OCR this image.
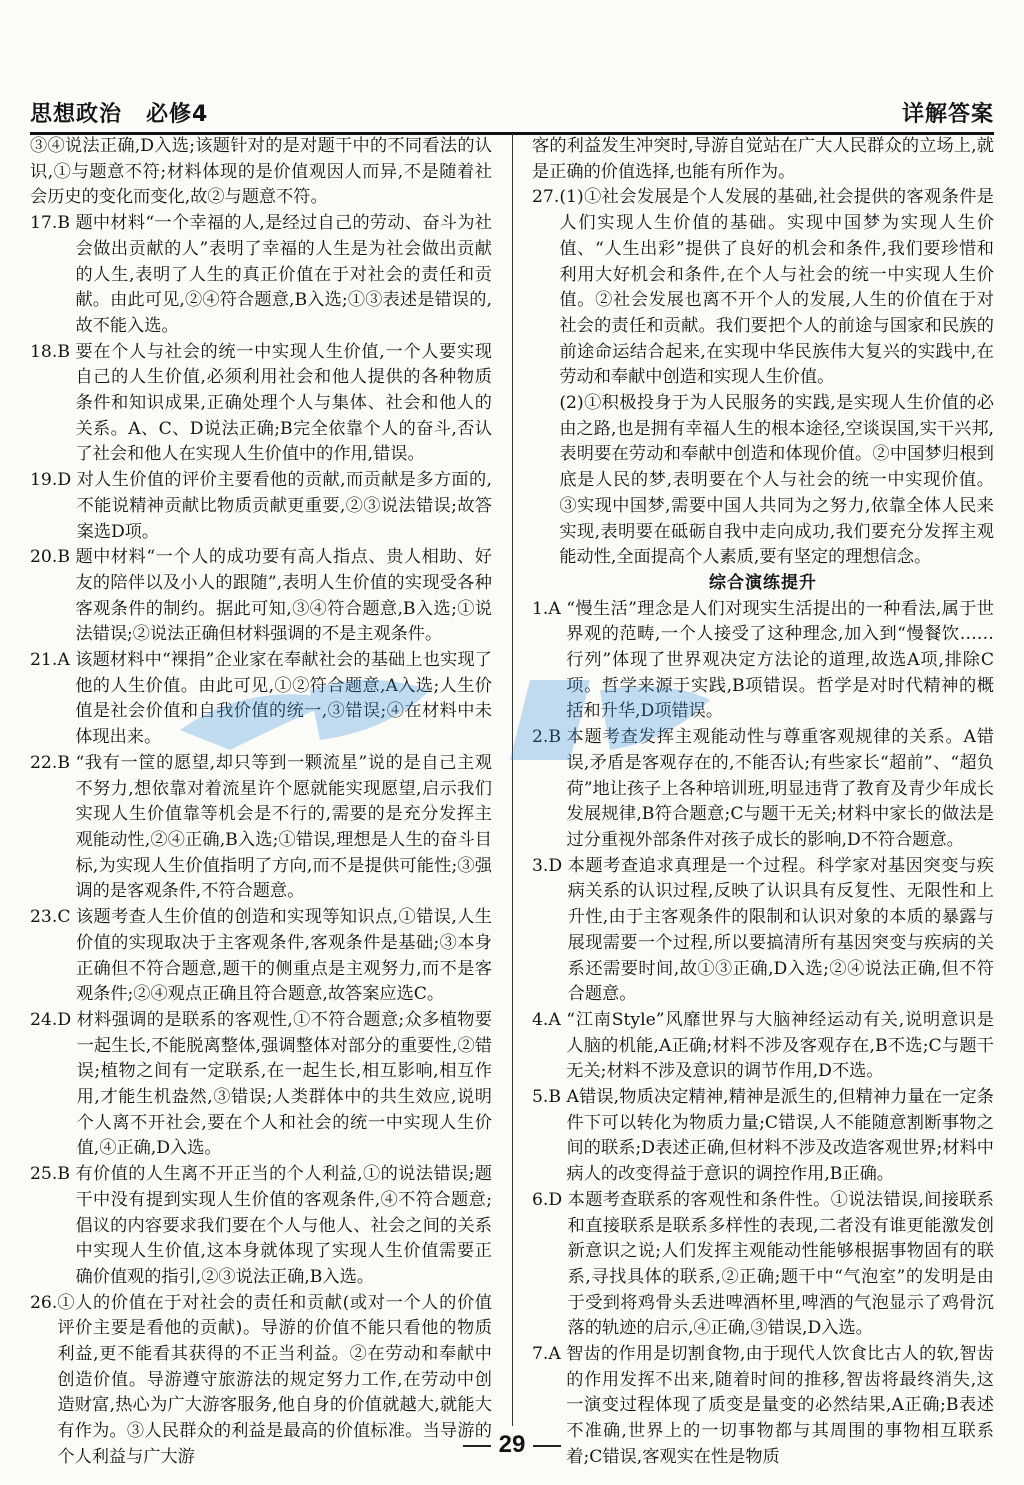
思想政治 必修4	详解答案
③④说法正确,D入选;该题针对的是对题干中的不同看法的认识,①与题意不符;材料体现的是价值观因人而异,不是随着社会历史的变化而变化,故②与题意不符。
17.B 题中材料“一个幸福的人,是经过自己的劳动、奋斗为社会做出贡献的人”表明了幸福的人生是为社会做出贡献的人生,表明了人生的真正价值在于对社会的责任和贡献。由此可见,②④符合题意,B入选;①③表述是错误的,故不能入选。
18.B 要在个人与社会的统一中实现人生价值,一个人要实现自己的人生价值,必须利用社会和他人提供的各种物质条件和知识成果,正确处理个人与集体、社会和他人的关系。A、C、D说法正确;B完全依靠个人的奋斗,否认了社会和他人在实现人生价值中的作用,错误。
19.D 对人生价值的评价主要看他的贡献,而贡献是多方面的,不能说精神贡献比物质贡献更重要,②③说法错误;故答案选D项。
20.B 题中材料“一个人的成功要有高人指点、贵人相助、好友的陪伴以及小人的跟随”,表明人生价值的实现受各种客观条件的制约。据此可知,③④符合题意,B入选;①说法错误;②说法正确但材料强调的不是主观条件。
21.A 该题材料中“裸捐”企业家在奉献社会的基础上也实现了他的人生价值。由此可见,①②符合题意,A入选;人生价值是社会价值和自我价值的统一,③错误;④在材料中未体现出来。
22.B “我有一筐的愿望,却只等到一颗流星”说的是自己主观不努力,想依靠对着流星许个愿就能实现愿望,启示我们实现人生价值靠等机会是不行的,需要的是充分发挥主观能动性,②④正确,B入选;①错误,理想是人生的奋斗目标,为实现人生价值指明了方向,而不是提供可能性;③强调的是客观条件,不符合题意。
23.C 该题考查人生价值的创造和实现等知识点,①错误,人生价值的实现取决于主客观条件,客观条件是基础;③本身正确但不符合题意,题干的侧重点是主观努力,而不是客观条件;②④观点正确且符合题意,故答案应选C。
24.D 材料强调的是联系的客观性,①不符合题意;众多植物要一起生长,不能脱离整体,强调整体对部分的重要性,②错误;植物之间有一定联系,在一起生长,相互影响,相互作用,才能生机盎然,③错误;人类群体中的共生效应,说明个人离不开社会,要在个人和社会的统一中实现人生价值,④正确,D入选。
25.B 有价值的人生离不开正当的个人利益,①的说法错误;题干中没有提到实现人生价值的客观条件,④不符合题意;倡议的内容要求我们要在个人与他人、社会之间的关系中实现人生价值,这本身就体现了实现人生价值需要正确价值观的指引,②③说法正确,B入选。
26. ①人的价值在于对社会的责任和贡献(或对一个人的价值评价主要是看他的贡献)。导游的价值不能只看他的物质利益,更不能看其获得的不正当利益。②在劳动和奉献中创造价值。导游遵守旅游法的规定努力工作,在劳动中创造财富,热心为广大游客服务,他自身的价值就越大,就能大有作为。③人民群众的利益是最高的价值标准。当导游的个人利益与广大游

客的利益发生冲突时,导游自觉站在广大人民群众的立场上,就是正确的价值选择,也能有所作为。

27. (1)①社会发展是个人发展的基础,社会提供的客观条件是人们实现人生价值的基础。实现中国梦为实现人生价值、“人生出彩”提供了良好的机会和条件,我们要珍惜和利用大好机会和条件,在个人与社会的统一中实现人生价值。②社会发展也离不开个人的发展,人生的价值在于对社会的责任和贡献。我们要把个人的前途与国家和民族的前途命运结合起来,在实现中华民族伟大复兴的实践中,在劳动和奉献中创造和实现人生价值。

(2)①积极投身于为人民服务的实践,是实现人生价值的必由之路,也是拥有幸福人生的根本途径,空谈误国,实干兴邦,表明要在劳动和奉献中创造和体现价值。②中国梦归根到底是人民的梦,表明要在个人与社会的统一中实现价值。③实现中国梦,需要中国人共同为之努力,依靠全体人民来实现,表明要在砥砺自我中走向成功,我们要充分发挥主观能动性,全面提高个人素质,要有坚定的理想信念。

综合演练提升
1.A “慢生活”理念是人们对现实生活提出的一种看法,属于世界观的范畴,一个人接受了这种理念,加入到“慢餐饮……行列”体现了世界观决定方法论的道理,故选A项,排除C项。哲学来源于实践,B项错误。哲学是对时代精神的概括和升华,D项错误。
2.B 本题考查发挥主观能动性与尊重客观规律的关系。A错误,矛盾是客观存在的,不能否认;有些家长“超前”、“超负荷”地让孩子上各种培训班,明显违背了教育及青少年成长发展规律,B符合题意;C与题干无关;材料中家长的做法是过分重视外部条件对孩子成长的影响,D不符合题意。
3.D 本题考查追求真理是一个过程。科学家对基因突变与疾病关系的认识过程,反映了认识具有反复性、无限性和上升性,由于主客观条件的限制和认识对象的本质的暴露与展现需要一个过程,所以要搞清所有基因突变与疾病的关系还需要时间,故①③正确,D入选;②④说法正确,但不符合题意。
4.A “江南Style”风靡世界与大脑神经运动有关,说明意识是人脑的机能,A正确;材料不涉及客观存在,B不选;C与题干无关;材料不涉及意识的调节作用,D不选。
5.B A错误,物质决定精神,精神是派生的,但精神力量在一定条件下可以转化为物质力量;C错误,人不能随意割断事物之间的联系;D表述正确,但材料不涉及改造客观世界;材料中病人的改变得益于意识的调控作用,B正确。
6.D 本题考查联系的客观性和条件性。①说法错误,间接联系和直接联系是联系多样性的表现,二者没有谁更能激发创新意识之说;人们发挥主观能动性能够根据事物固有的联系,寻找具体的联系,②正确;题干中“气泡室”的发明是由于受到将鸡骨头丢进啤酒杯里,啤酒的气泡显示了鸡骨沉落的轨迹的启示,④正确,③错误,D入选。
7.A 智齿的作用是切割食物,由于现代人饮食比古人的软,智齿的作用发挥不出来,随着时间的推移,智齿将最终消失,这一演变过程体现了质变是量变的必然结果,A正确;B表述不准确,世界上的一切事物都与其周围的事物相互联系着;C错误,客观实在性是物质
29
